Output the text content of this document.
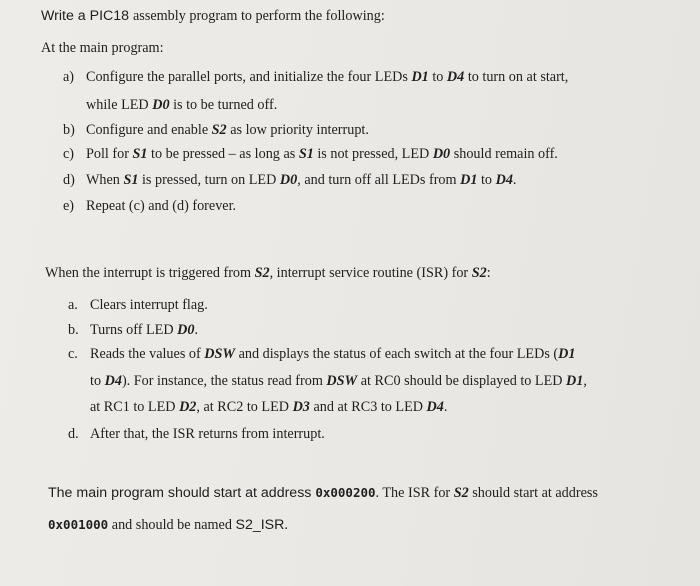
Write a PIC18 assembly program to perform the following:
At the main program:
a) Configure the parallel ports, and initialize the four LEDs D1 to D4 to turn on at start,
while LED D0 is to be turned off.
b) Configure and enable S2 as low priority interrupt.
c) Poll for S1 to be pressed – as long as S1 is not pressed, LED D0 should remain off.
d) When S1 is pressed, turn on LED D0, and turn off all LEDs from D1 to D4.
e) Repeat (c) and (d) forever.
When the interrupt is triggered from S2, interrupt service routine (ISR) for S2:
a. Clears interrupt flag.
b. Turns off LED D0.
c. Reads the values of DSW and displays the status of each switch at the four LEDs (D1
to D4). For instance, the status read from DSW at RC0 should be displayed to LED D1,
at RC1 to LED D2, at RC2 to LED D3 and at RC3 to LED D4.
d. After that, the ISR returns from interrupt.
The main program should start at address 0x000200. The ISR for S2 should start at address
0x001000 and should be named S2_ISR.
